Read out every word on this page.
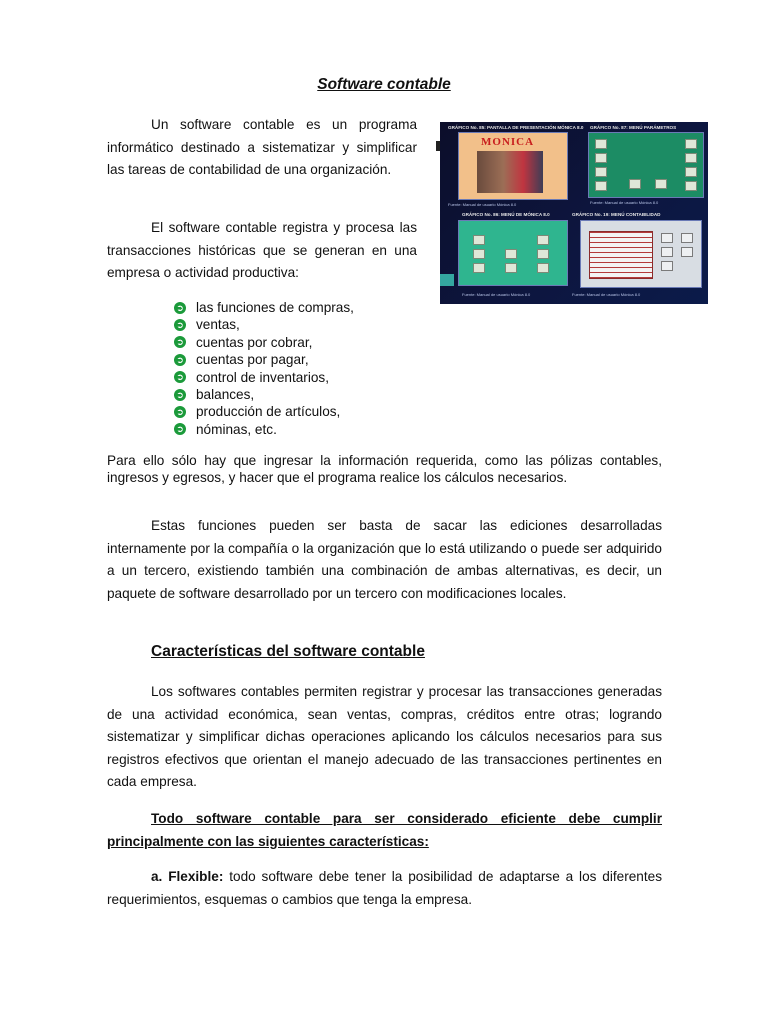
Software contable

Un software contable es un programa informático destinado a sistematizar y simplificar las tareas de contabilidad de una organización.

El software contable registra y procesa las transacciones históricas que se generan en una empresa o actividad productiva:

➲ las funciones de compras,
➲ ventas,
➲ cuentas por cobrar,
➲ cuentas por pagar,
➲ control de inventarios,
➲ balances,
➲ producción de artículos,
➲ nóminas, etc.

Para ello sólo hay que ingresar la información requerida, como las pólizas contables, ingresos y egresos, y hacer que el programa realice los cálculos necesarios.

Estas funciones pueden ser basta de sacar las ediciones desarrolladas internamente por la compañía o la organización que lo está utilizando o puede ser adquirido a un tercero, existiendo también una combinación de ambas alternativas, es decir, un paquete de software desarrollado por un tercero con modificaciones locales.

Características del software contable

Los softwares contables permiten registrar y procesar las transacciones generadas de una actividad económica, sean ventas, compras, créditos entre otras; logrando sistematizar y simplificar dichas operaciones aplicando los cálculos necesarios para sus registros efectivos que orientan el manejo adecuado de las transacciones pertinentes en cada empresa.

Todo software contable para ser considerado eficiente debe cumplir principalmente con las siguientes características:

a. Flexible: todo software debe tener la posibilidad de adaptarse a los diferentes requerimientos, esquemas o cambios que tenga la empresa.

GRÁFICO No. 85: PANTALLA DE PRESENTACIÓN MÓNICA 8.0 GRÁFICO No. 87: MENÚ PARÁMETROS
MONICA
Fuente: Manual de usuario Mónica 8.0	Fuente: Manual de usuario Mónica 8.0
GRÁFICO No. 86: MENÚ DE MÓNICA 8.0	GRÁFICO No. 19: MENÚ CONTABILIDAD
Fuente: Manual de usuario Mónica 8.0	Fuente: Manual de usuario Mónica 8.0
